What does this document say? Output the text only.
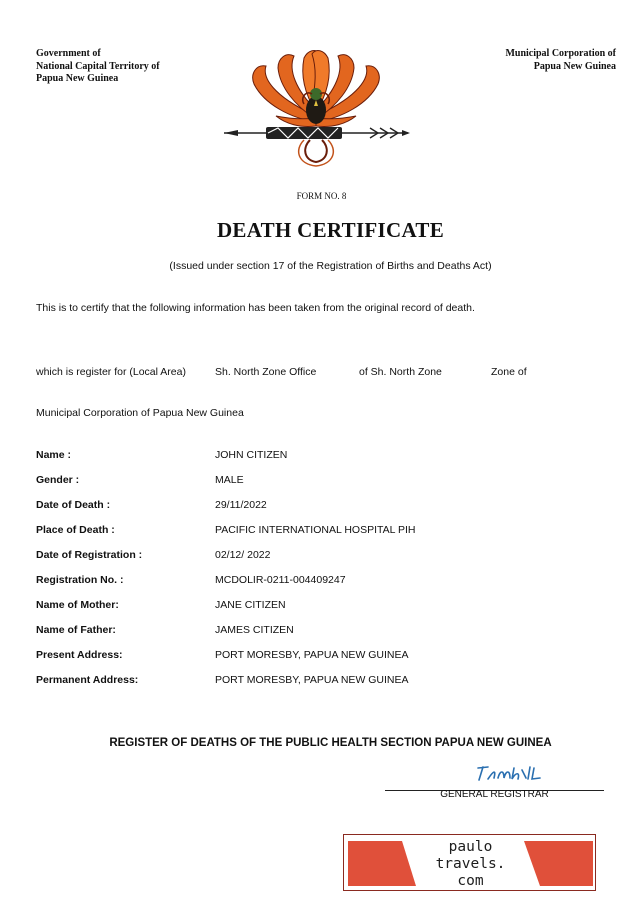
Government of
National Capital Territory of
Papua New Guinea
Municipal Corporation of
Papua New Guinea
FORM NO. 8
DEATH CERTIFICATE
(Issued under section 17 of the Registration of Births and Deaths Act)
This is to certify that the following information has been taken from the original record of death.
which is register for (Local Area)	Sh. North Zone Office	of Sh. North Zone	Zone of
Municipal Corporation of Papua New Guinea
Name :	JOHN CITIZEN
Gender :	MALE
Date of Death :	29/11/2022
Place of Death :	PACIFIC INTERNATIONAL HOSPITAL PIH
Date of Registration :	02/12/ 2022
Registration No. :	MCDOLIR-0211-004409247
Name of Mother:	JANE CITIZEN
Name of Father:	JAMES CITIZEN
Present Address:	PORT MORESBY, PAPUA NEW GUINEA
Permanent Address:	PORT MORESBY, PAPUA NEW GUINEA
REGISTER OF DEATHS OF THE PUBLIC HEALTH SECTION PAPUA NEW GUINEA
GENERAL REGISTRAR
paulo
travels.
com
